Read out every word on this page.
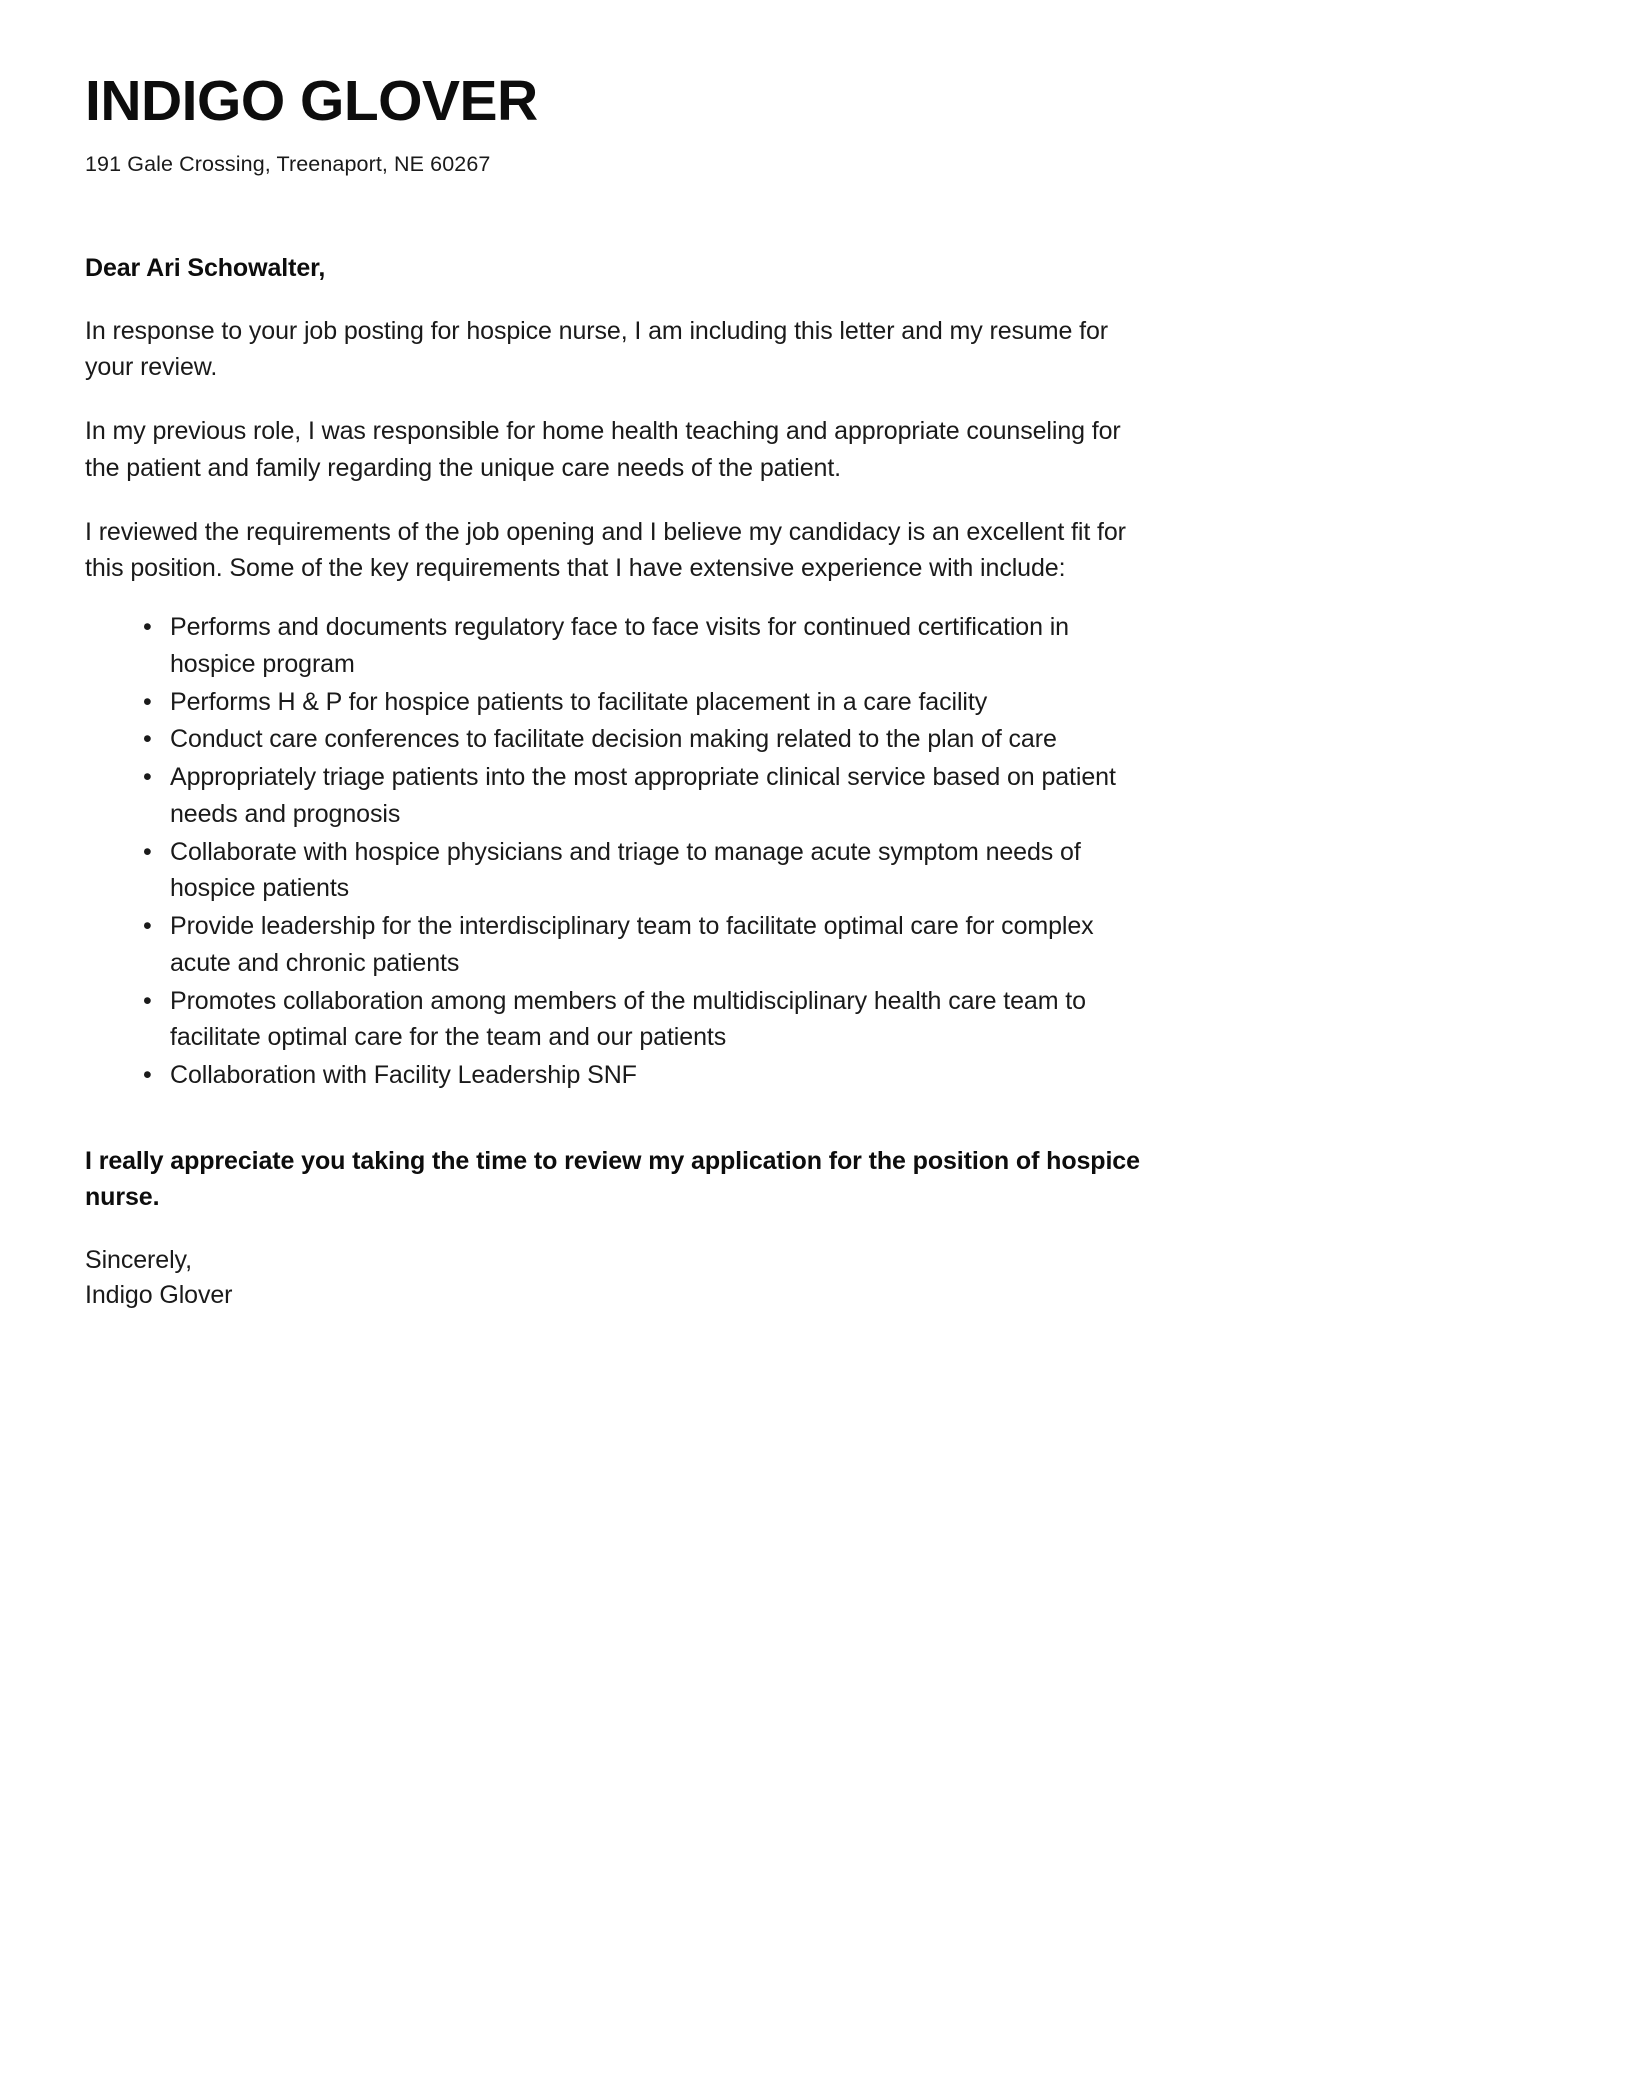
INDIGO GLOVER

191 Gale Crossing, Treenaport, NE 60267

Dear Ari Schowalter,

In response to your job posting for hospice nurse, I am including this letter and my resume for your review.

In my previous role, I was responsible for home health teaching and appropriate counseling for the patient and family regarding the unique care needs of the patient.

I reviewed the requirements of the job opening and I believe my candidacy is an excellent fit for this position. Some of the key requirements that I have extensive experience with include:

• Performs and documents regulatory face to face visits for continued certification in hospice program
• Performs H & P for hospice patients to facilitate placement in a care facility
• Conduct care conferences to facilitate decision making related to the plan of care
• Appropriately triage patients into the most appropriate clinical service based on patient needs and prognosis
• Collaborate with hospice physicians and triage to manage acute symptom needs of hospice patients
• Provide leadership for the interdisciplinary team to facilitate optimal care for complex acute and chronic patients
• Promotes collaboration among members of the multidisciplinary health care team to facilitate optimal care for the team and our patients
• Collaboration with Facility Leadership SNF

I really appreciate you taking the time to review my application for the position of hospice nurse.

Sincerely,
Indigo Glover
